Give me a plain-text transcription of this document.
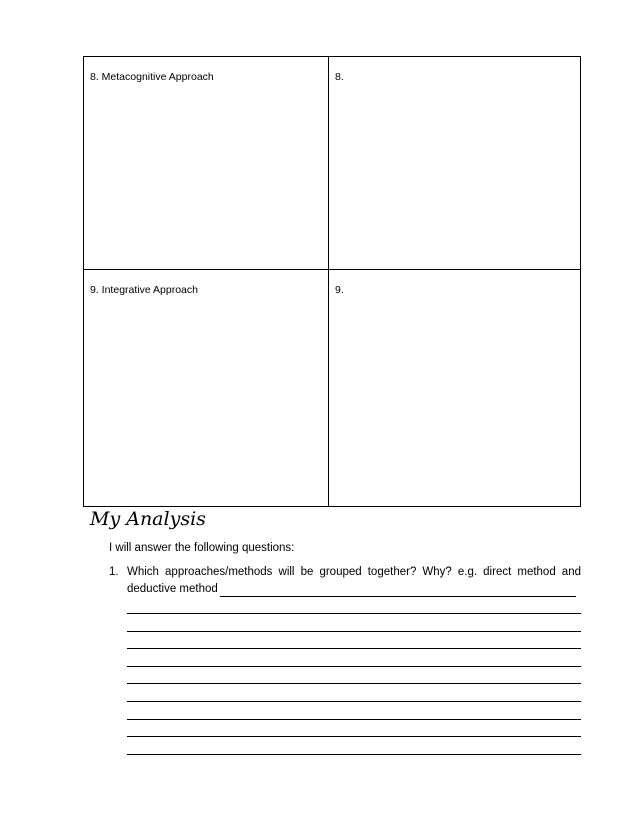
8. Metacognitive Approach	8.
9. Integrative Approach	9.
My Analysis
I will answer the following questions:
1. Which approaches/methods will be grouped together? Why? e.g. direct method and
deductive method
